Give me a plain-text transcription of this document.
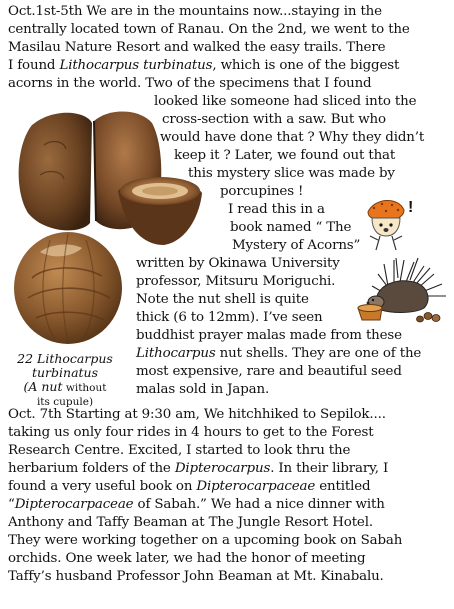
Oct.1st-5th We are in the mountains now...staying in the
centrally located town of Ranau. On the 2nd, we went to the
Masilau Nature Resort and walked the easy trails. There
I found Lithocarpus turbinatus, which is one of the biggest
acorns in the world. Two of the specimens that I found
looked like someone had sliced into the
cross-section with a saw. But who
would have done that ? Why they didn’t
keep it ? Later, we found out that
this mystery slice was made by
porcupines !
I read this in a
book named “ The
Mystery of Acorns”
written by Okinawa University
professor, Mitsuru Moriguchi.
Note the nut shell is quite
thick (6 to 12mm). I’ve seen
buddhist prayer malas made from these
Lithocarpus nut shells. They are one of the
most expensive, rare and beautiful seed
malas sold in Japan.
22 Lithocarpus
turbinatus
(A nut without
its cupule)
Oct. 7th Starting at 9:30 am, We hitchhiked to Sepilok....
taking us only four rides in 4 hours to get to the Forest
Research Centre. Excited, I started to look thru the
herbarium folders of the Dipterocarpus. In their library, I
found a very useful book on Dipterocarpaceae entitled
“Dipterocarpaceae of Sabah.” We had a nice dinner with
Anthony and Taffy Beaman at The Jungle Resort Hotel.
They were working together on a upcoming book on Sabah
orchids. One week later, we had the honor of meeting
Taffy’s husband Professor John Beaman at Mt. Kinabalu.
!
